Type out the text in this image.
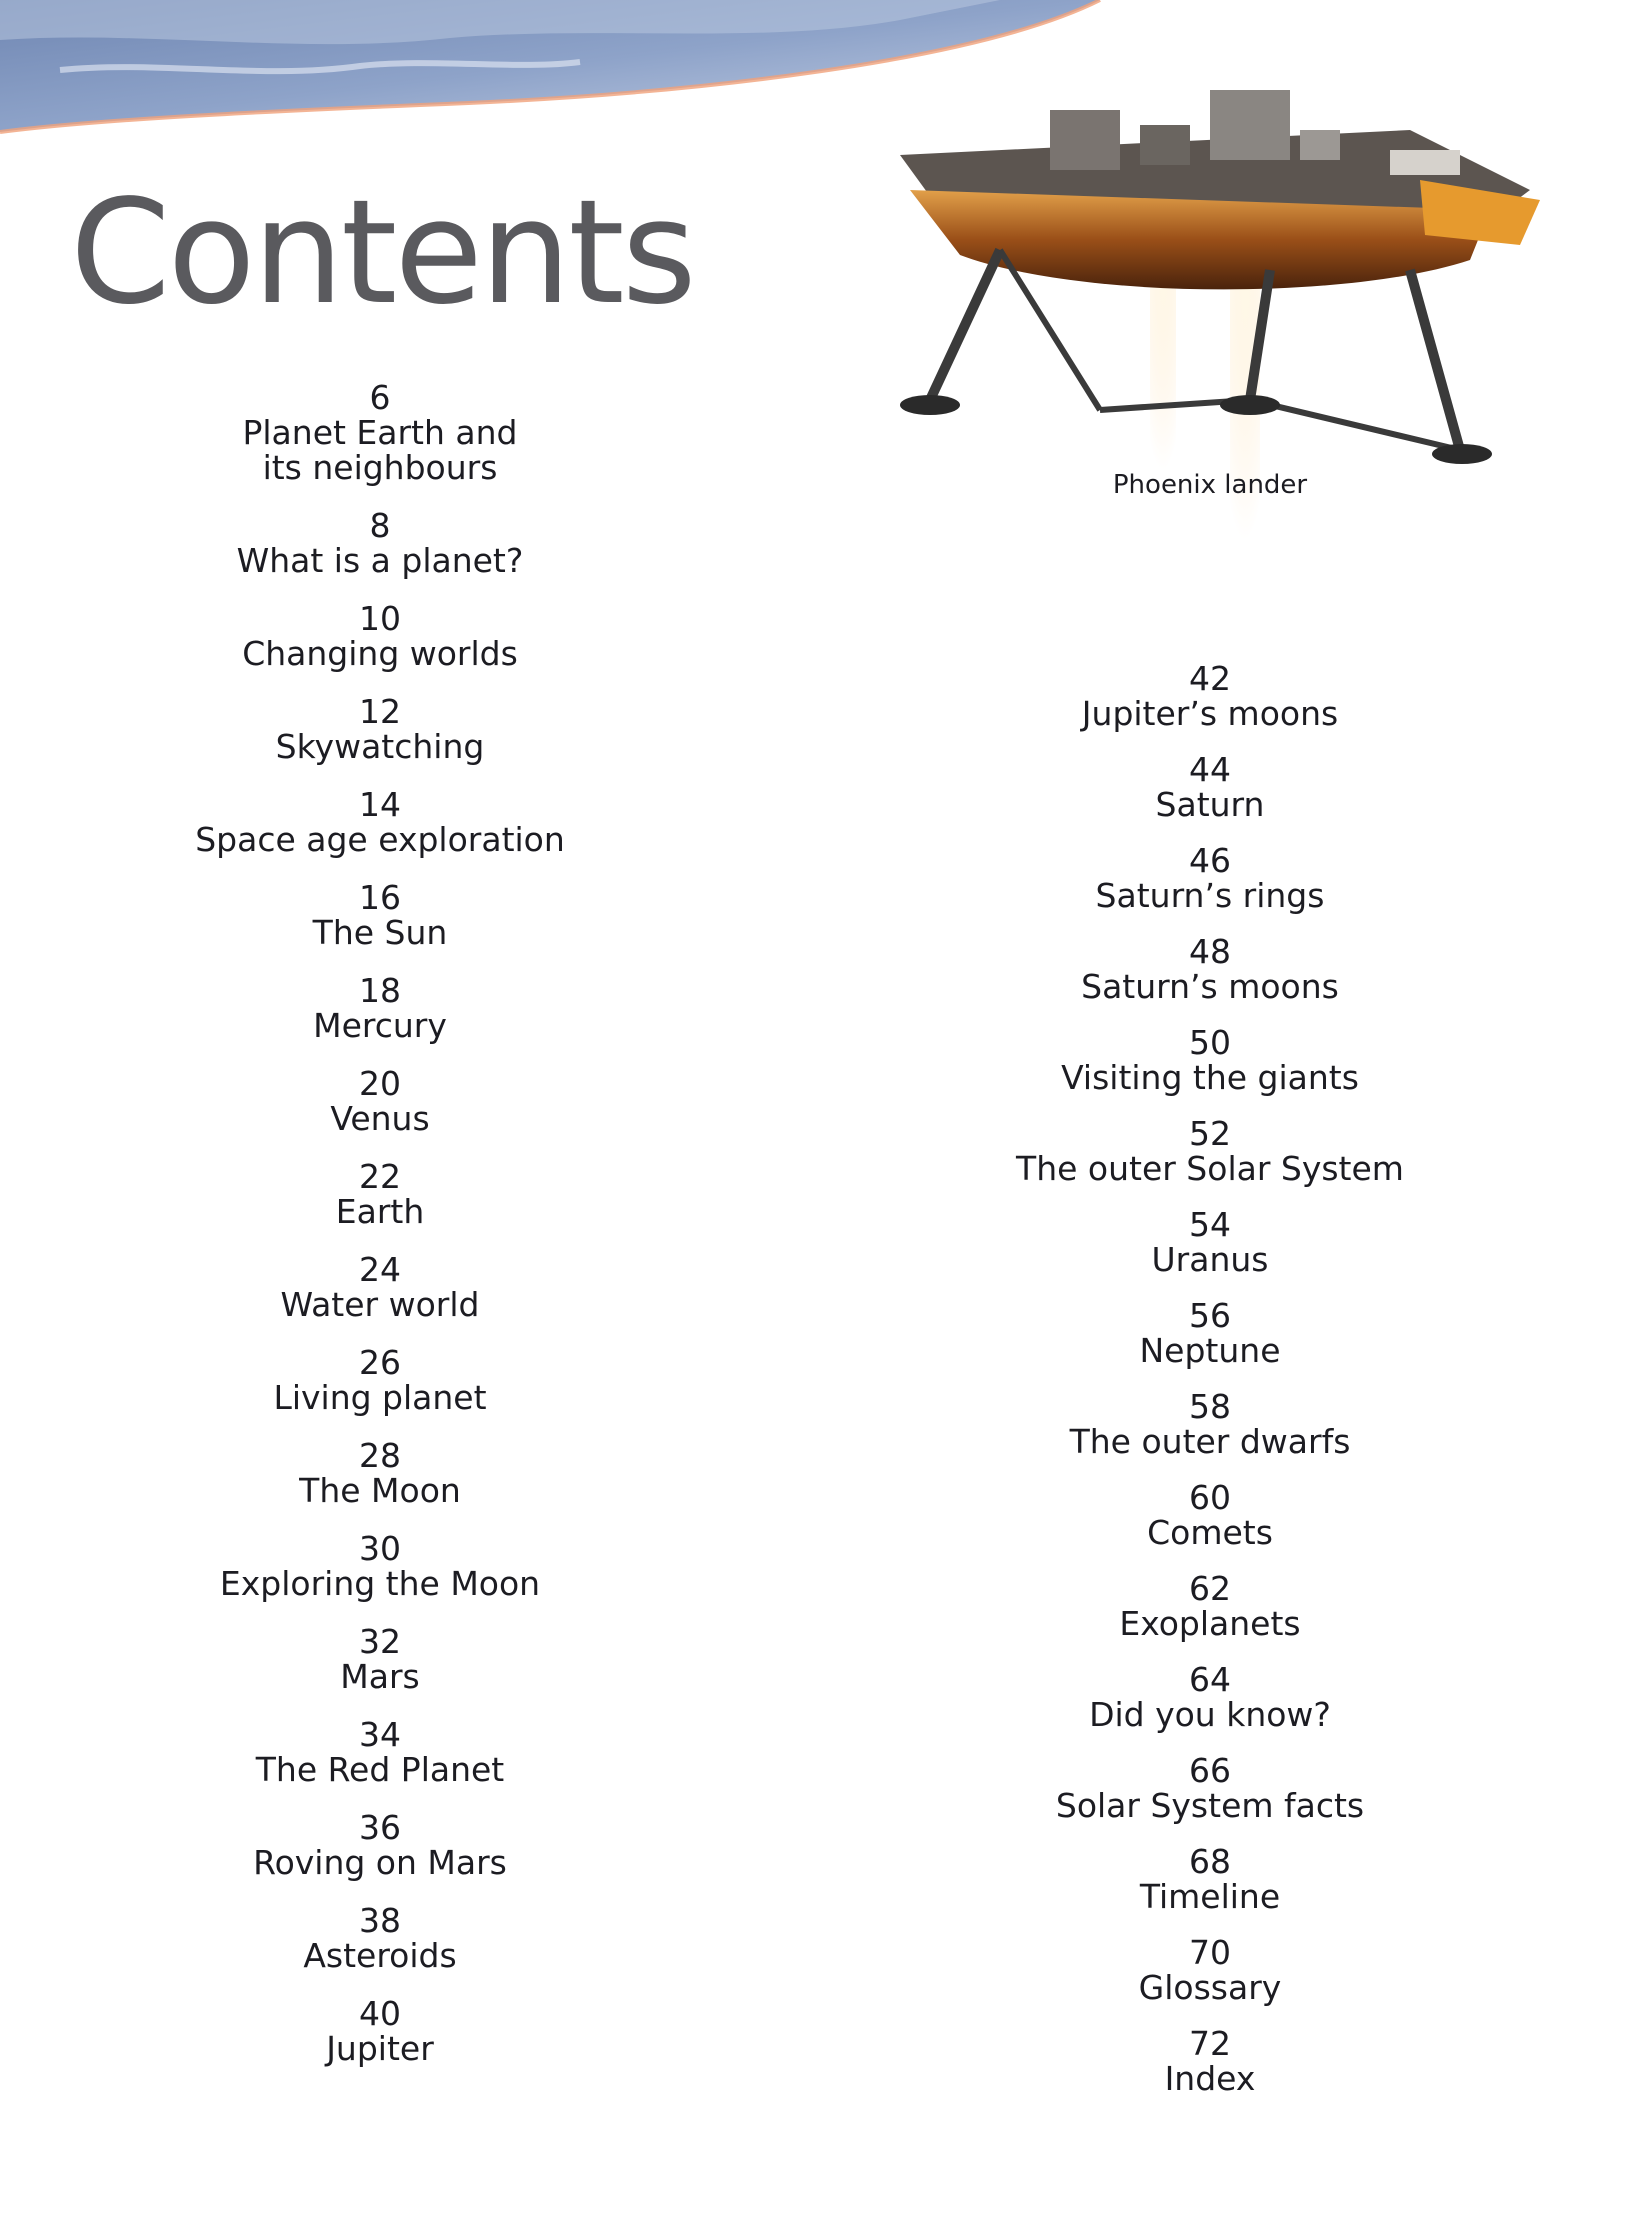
Contents
Phoenix lander

6
Planet Earth and its neighbours

8
What is a planet?

10
Changing worlds

12
Skywatching

14
Space age exploration

16
The Sun

18
Mercury

20
Venus

22
Earth

24
Water world

26
Living planet

28
The Moon

30
Exploring the Moon

32
Mars

34
The Red Planet

36
Roving on Mars

38
Asteroids

40
Jupiter

42
Jupiter’s moons

44
Saturn

46
Saturn’s rings

48
Saturn’s moons

50
Visiting the giants

52
The outer Solar System

54
Uranus

56
Neptune

58
The outer dwarfs

60
Comets

62
Exoplanets

64
Did you know?

66
Solar System facts

68
Timeline

70
Glossary

72
Index
